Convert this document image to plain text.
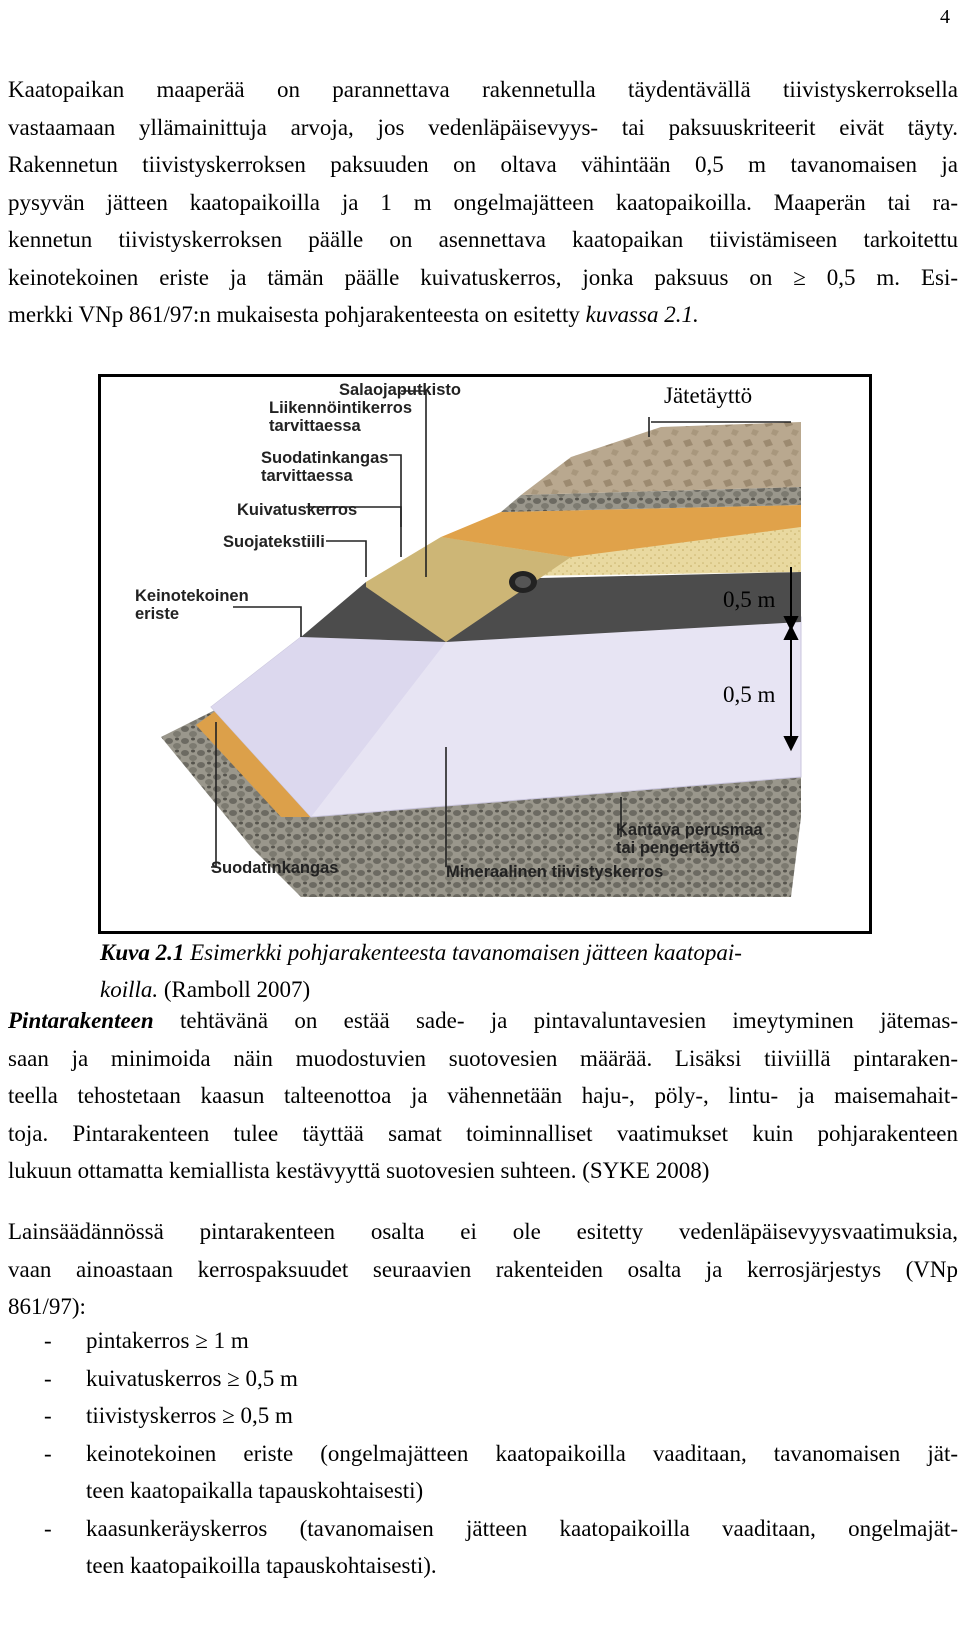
4
Kaatopaikan maaperää on parannettava rakennetulla täydentävällä tiivistyskerroksella
vastaamaan yllämainittuja arvoja, jos vedenläpäisevyys- tai paksuuskriteerit eivät täyty.
Rakennetun tiivistyskerroksen paksuuden on oltava vähintään 0,5 m tavanomaisen ja
pysyvän jätteen kaatopaikoilla ja 1 m ongelmajätteen kaatopaikoilla. Maaperän tai ra-
kennetun tiivistyskerroksen päälle on asennettava kaatopaikan tiivistämiseen tarkoitettu
keinotekoinen eriste ja tämän päälle kuivatuskerros, jonka paksuus on ≥ 0,5 m. Esi-
merkki VNp 861/97:n mukaisesta pohjarakenteesta on esitetty kuvassa 2.1.
Salaojaputkisto
Liikennöintikerros
tarvittaessa
Suodatinkangas
tarvittaessa
Kuivatuskerros
Suojatekstiili
Keinotekoinen
eriste
Jätetäyttö
0,5 m
0,5 m
Kantava perusmaa
tai pengertäyttö
Suodatinkangas	Mineraalinen tiivistyskerros
Kuva 2.1 Esimerkki pohjarakenteesta tavanomaisen jätteen kaatopai-
koilla. (Ramboll 2007)
Pintarakenteen tehtävänä on estää sade- ja pintavaluntavesien imeytyminen jätemas-
saan ja minimoida näin muodostuvien suotovesien määrää. Lisäksi tiiviillä pintaraken-
teella tehostetaan kaasun talteenottoa ja vähennetään haju-, pöly-, lintu- ja maisemahait-
toja. Pintarakenteen tulee täyttää samat toiminnalliset vaatimukset kuin pohjarakenteen
lukuun ottamatta kemiallista kestävyyttä suotovesien suhteen. (SYKE 2008)
Lainsäädännössä pintarakenteen osalta ei ole esitetty vedenläpäisevyysvaatimuksia,
vaan ainoastaan kerrospaksuudet seuraavien rakenteiden osalta ja kerrosjärjestys (VNp
861/97):
- pintakerros ≥ 1 m
- kuivatuskerros ≥ 0,5 m
- tiivistyskerros ≥ 0,5 m
- keinotekoinen eriste (ongelmajätteen kaatopaikoilla vaaditaan, tavanomaisen jät-
teen kaatopaikalla tapauskohtaisesti)
- kaasunkeräyskerros (tavanomaisen jätteen kaatopaikoilla vaaditaan, ongelmajät-
teen kaatopaikoilla tapauskohtaisesti).
